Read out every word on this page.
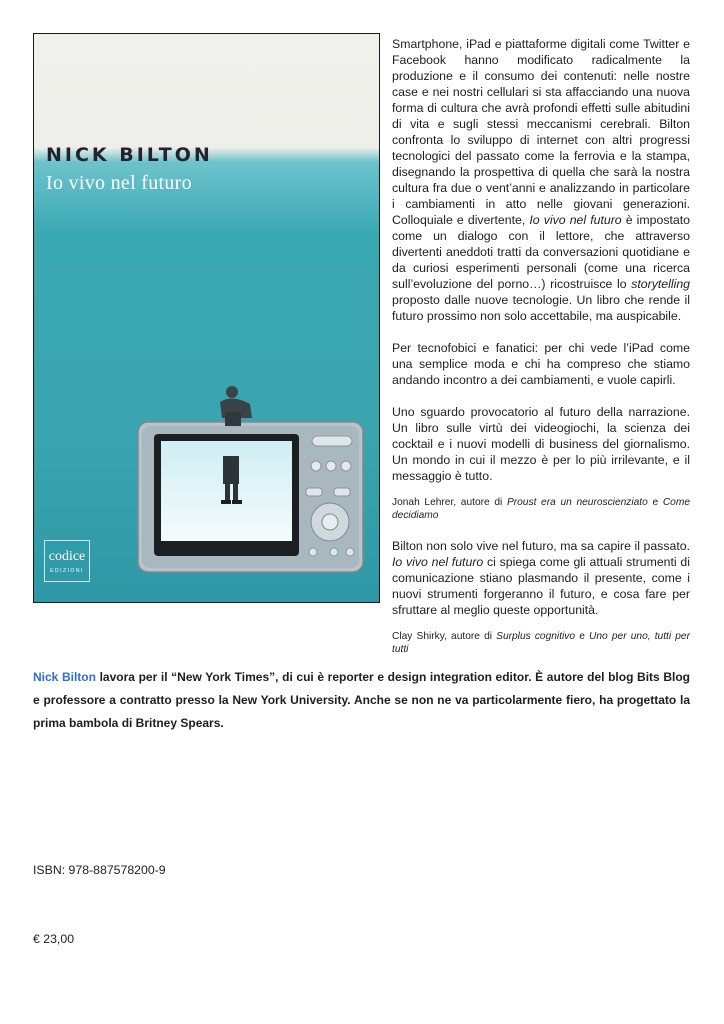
NICK BILTON
Io vivo nel futuro
codice
EDIZIONI

Smartphone, iPad e piattaforme digitali come Twitter e Facebook hanno modificato radicalmente la produzione e il consumo dei contenuti: nelle nostre case e nei nostri cellulari si sta affacciando una nuova forma di cultura che avrà profondi effetti sulle abitudini di vita e sugli stessi meccanismi cerebrali. Bilton confronta lo sviluppo di internet con altri progressi tecnologici del passato come la ferrovia e la stampa, disegnando la prospettiva di quella che sarà la nostra cultura fra due o vent’anni e analizzando in particolare i cambiamenti in atto nelle giovani generazioni. Colloquiale e divertente, Io vivo nel futuro è impostato come un dialogo con il lettore, che attraverso divertenti aneddoti tratti da conversazioni quotidiane e da curiosi esperimenti personali (come una ricerca sull’evoluzione del porno…) ricostruisce lo storytelling proposto dalle nuove tecnologie. Un libro che rende il futuro prossimo non solo accettabile, ma auspicabile.

Per tecnofobici e fanatici: per chi vede l’iPad come una semplice moda e chi ha compreso che stiamo andando incontro a dei cambiamenti, e vuole capirli.

Uno sguardo provocatorio al futuro della narrazione. Un libro sulle virtù dei videogiochi, la scienza dei cocktail e i nuovi modelli di business del giornalismo. Un mondo in cui il mezzo è per lo più irrilevante, e il messaggio è tutto.

Jonah Lehrer, autore di Proust era un neuroscienziato e Come decidiamo

Bilton non solo vive nel futuro, ma sa capire il passato. Io vivo nel futuro ci spiega come gli attuali strumenti di comunicazione stiano plasmando il presente, come i nuovi strumenti forgeranno il futuro, e cosa fare per sfruttare al meglio queste opportunità.

Clay Shirky, autore di Surplus cognitivo e Uno per uno, tutti per tutti

Nick Bilton lavora per il “New York Times”, di cui è reporter e design integration editor. È autore del blog Bits Blog e professore a contratto presso la New York University. Anche se non ne va particolarmente fiero, ha progettato la prima bambola di Britney Spears.

ISBN: 978-887578200-9
€ 23,00
